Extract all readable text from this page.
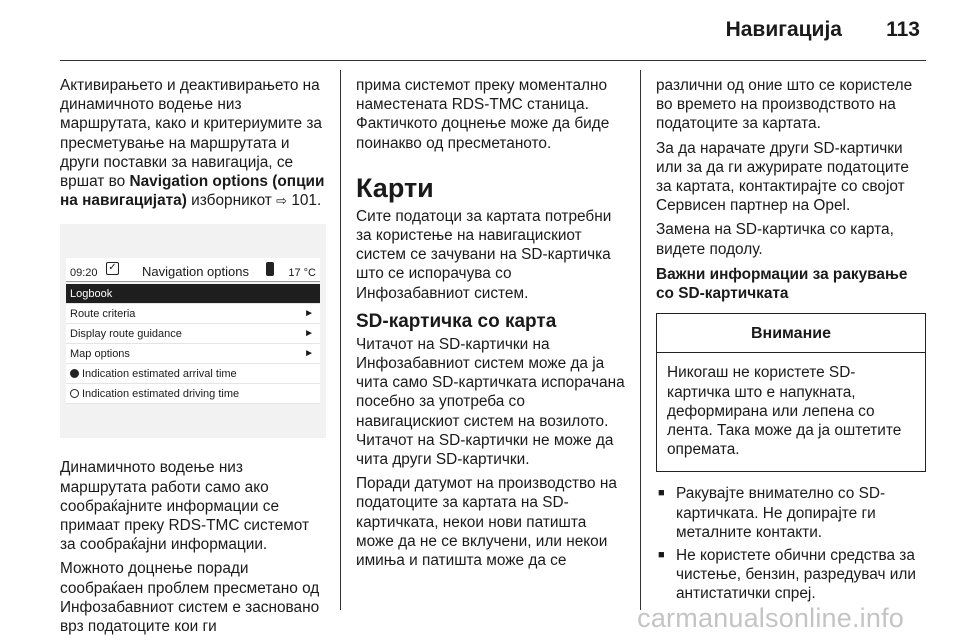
Навигација 113

Активирањето и деактивирањето на динамичното водење низ маршрутата, како и критериумите за пресметување на маршрутата и други поставки за навигација, се вршат во Navigation options (опции на навигацијата) изборникот ⇨ 101.

09:20 ✓ Navigation options	17 °C
Logbook
Route criteria	►
Display route guidance	►
Map options	►
Indication estimated arrival time
Indication estimated driving time

Динамичното водење низ маршрутата работи само ако сообраќајните информации се примаат преку RDS-TMC системот за сообраќајни информации.

Можното доцнење поради сообраќаен проблем пресметано од Инфозабавниот систем е засновано врз податоците кои ги

прима системот преку моментално наместената RDS-TMC станица. Фактичкото доцнење може да биде поинакво од пресметаното.

Карти

Сите податоци за картата потребни за користење на навигацискиот систем се зачувани на SD-картичка што се испорачува со Инфозабавниот систем.

SD-картичка со карта

Читачот на SD-картички на Инфозабавниот систем може да ја чита само SD-картичката испорачана посебно за употреба со навигацискиот систем на возилото. Читачот на SD-картички не може да чита други SD-картички.

Поради датумот на производство на податоците за картата на SD-картичката, некои нови патишта може да не се вклучени, или некои имиња и патишта може да се

различни од оние што се користеле во времето на производството на податоците за картата.

За да нарачате други SD-картички или за да ги ажурирате податоците за картата, контактирајте со својот Сервисен партнер на Opel.

Замена на SD-картичка со карта, видете подолу.

Важни информации за ракување со SD-картичката
Внимание
Никогаш не користете SD-картичка што е напукната, деформирана или лепена со лента. Така може да ја оштетите опремата.
■ Ракувајте внимателно со SD-картичката. Не допирајте ги металните контакти.
■ Не користете обични средства за чистење, бензин, разредувач или антистатички спреј.
carmanualsonline.info
